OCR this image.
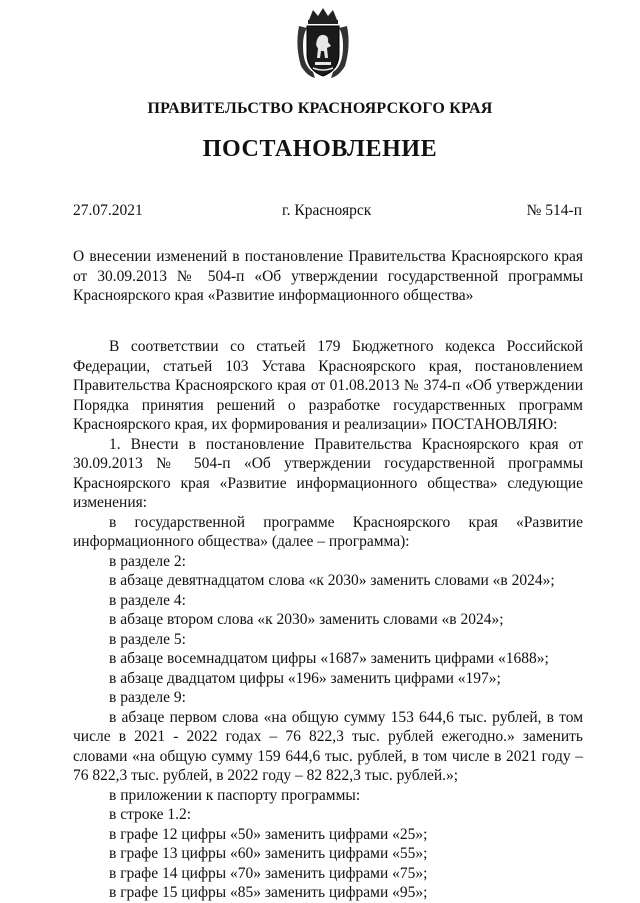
ПРАВИТЕЛЬСТВО КРАСНОЯРСКОГО КРАЯ
ПОСТАНОВЛЕНИЕ
27.07.2021	г. Красноярск	№ 514-п
О внесении изменений в постановление Правительства Красноярского края от 30.09.2013 № 504-п «Об утверждении государственной программы Красноярского края «Развитие информационного общества»

В соответствии со статьей 179 Бюджетного кодекса Российской Федерации, статьей 103 Устава Красноярского края, постановлением Правительства Красноярского края от 01.08.2013 № 374-п «Об утверждении Порядка принятия решений о разработке государственных программ Красноярского края, их формирования и реализации» ПОСТАНОВЛЯЮ:

1. Внести в постановление Правительства Красноярского края от 30.09.2013 № 504-п «Об утверждении государственной программы Красноярского края «Развитие информационного общества» следующие изменения:

в государственной программе Красноярского края «Развитие информационного общества» (далее – программа):

в разделе 2:

в абзаце девятнадцатом слова «к 2030» заменить словами «в 2024»;

в разделе 4:

в абзаце втором слова «к 2030» заменить словами «в 2024»;

в разделе 5:

в абзаце восемнадцатом цифры «1687» заменить цифрами «1688»;

в абзаце двадцатом цифры «196» заменить цифрами «197»;

в разделе 9:

в абзаце первом слова «на общую сумму 153 644,6 тыс. рублей, в том числе в 2021 - 2022 годах – 76 822,3 тыс. рублей ежегодно.» заменить словами «на общую сумму 159 644,6 тыс. рублей, в том числе в 2021 году – 76 822,3 тыс. рублей, в 2022 году – 82 822,3 тыс. рублей.»;

в приложении к паспорту программы:

в строке 1.2:

в графе 12 цифры «50» заменить цифрами «25»;

в графе 13 цифры «60» заменить цифрами «55»;

в графе 14 цифры «70» заменить цифрами «75»;

в графе 15 цифры «85» заменить цифрами «95»;
